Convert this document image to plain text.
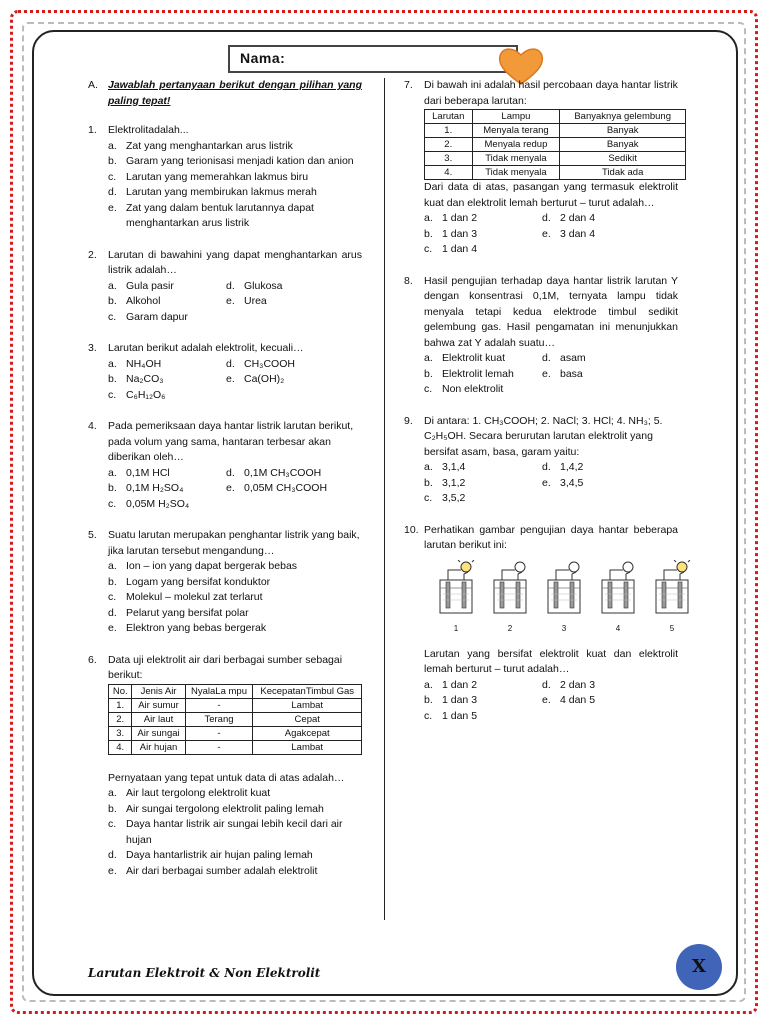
Nama:
A. Jawablah pertanyaan berikut dengan pilihan yang paling tepat!
1. Elektrolitadalah...
a. Zat yang menghantarkan arus listrik
b. Garam yang terionisasi menjadi kation dan anion
c. Larutan yang memerahkan lakmus biru
d. Larutan yang membirukan lakmus merah
e. Zat yang dalam bentuk larutannya dapat menghantarkan arus listrik
2. Larutan di bawahini yang dapat menghantarkan arus listrik adalah…
a. Gula pasir	d. Glukosa
b. Alkohol	e. Urea
c. Garam dapur
3. Larutan berikut adalah elektrolit, kecuali…
a. NH₄OH	d. CH₃COOH
b. Na₂CO₃	e. Ca(OH)₂
c. C₆H₁₂O₆
4. Pada pemeriksaan daya hantar listrik larutan berikut, pada volum yang sama, hantaran terbesar akan diberikan oleh…
a. 0,1M HCl	d. 0,1M CH₃COOH
b. 0,1M H₂SO₄	e. 0,05M CH₃COOH
c. 0,05M H₂SO₄
5. Suatu larutan merupakan penghantar listrik yang baik, jika larutan tersebut mengandung…
a. Ion – ion yang dapat bergerak bebas
b. Logam yang bersifat konduktor
c. Molekul – molekul zat terlarut
d. Pelarut yang bersifat polar
e. Elektron yang bebas bergerak
6. Data uji elektrolit air dari berbagai sumber sebagai berikut:
No.	Jenis Air	NyalaLa mpu	KecepatanTimbul Gas
1.	Air sumur	-	Lambat
2.	Air laut	Terang	Cepat
3.	Air sungai	-	Agakcepat
4.	Air hujan	-	Lambat
Pernyataan yang tepat untuk data di atas adalah…
a. Air laut tergolong elektrolit kuat
b. Air sungai tergolong elektrolit paling lemah
c. Daya hantar listrik air sungai lebih kecil dari air hujan
d. Daya hantarlistrik air hujan paling lemah
e. Air dari berbagai sumber adalah elektrolit
7. Di bawah ini adalah hasil percobaan daya hantar listrik dari beberapa larutan:
Larutan	Lampu	Banyaknya gelembung
1.	Menyala terang	Banyak
2.	Menyala redup	Banyak
3.	Tidak menyala	Sedikit
4.	Tidak menyala	Tidak ada
Dari data di atas, pasangan yang termasuk elektrolit kuat dan elektrolit lemah berturut – turut adalah…
a. 1 dan 2	d. 2 dan 4
b. 1 dan 3	e. 3 dan 4
c. 1 dan 4
8. Hasil pengujian terhadap daya hantar listrik larutan Y dengan konsentrasi 0,1M, ternyata lampu tidak menyala tetapi kedua elektrode timbul sedikit gelembung gas. Hasil pengamatan ini menunjukkan bahwa zat Y adalah suatu…
a. Elektrolit kuat	d. asam
b. Elektrolit lemah	e. basa
c. Non elektrolit
9. Di antara: 1. CH₃COOH; 2. NaCl; 3. HCl; 4. NH₃; 5. C₂H₅OH. Secara berurutan larutan elektrolit yang bersifat asam, basa, garam yaitu:
a. 3,1,4	d. 1,4,2
b. 3,1,2	e. 3,4,5
c. 3,5,2
10. Perhatikan gambar pengujian daya hantar beberapa larutan berikut ini:
1	2	3	4	5
Larutan yang bersifat elektrolit kuat dan elektrolit lemah berturut – turut adalah…
a. 1 dan 2	d. 2 dan 3
b. 1 dan 3	e. 4 dan 5
c. 1 dan 5
Larutan Elektroit & Non Elektrolit	X
